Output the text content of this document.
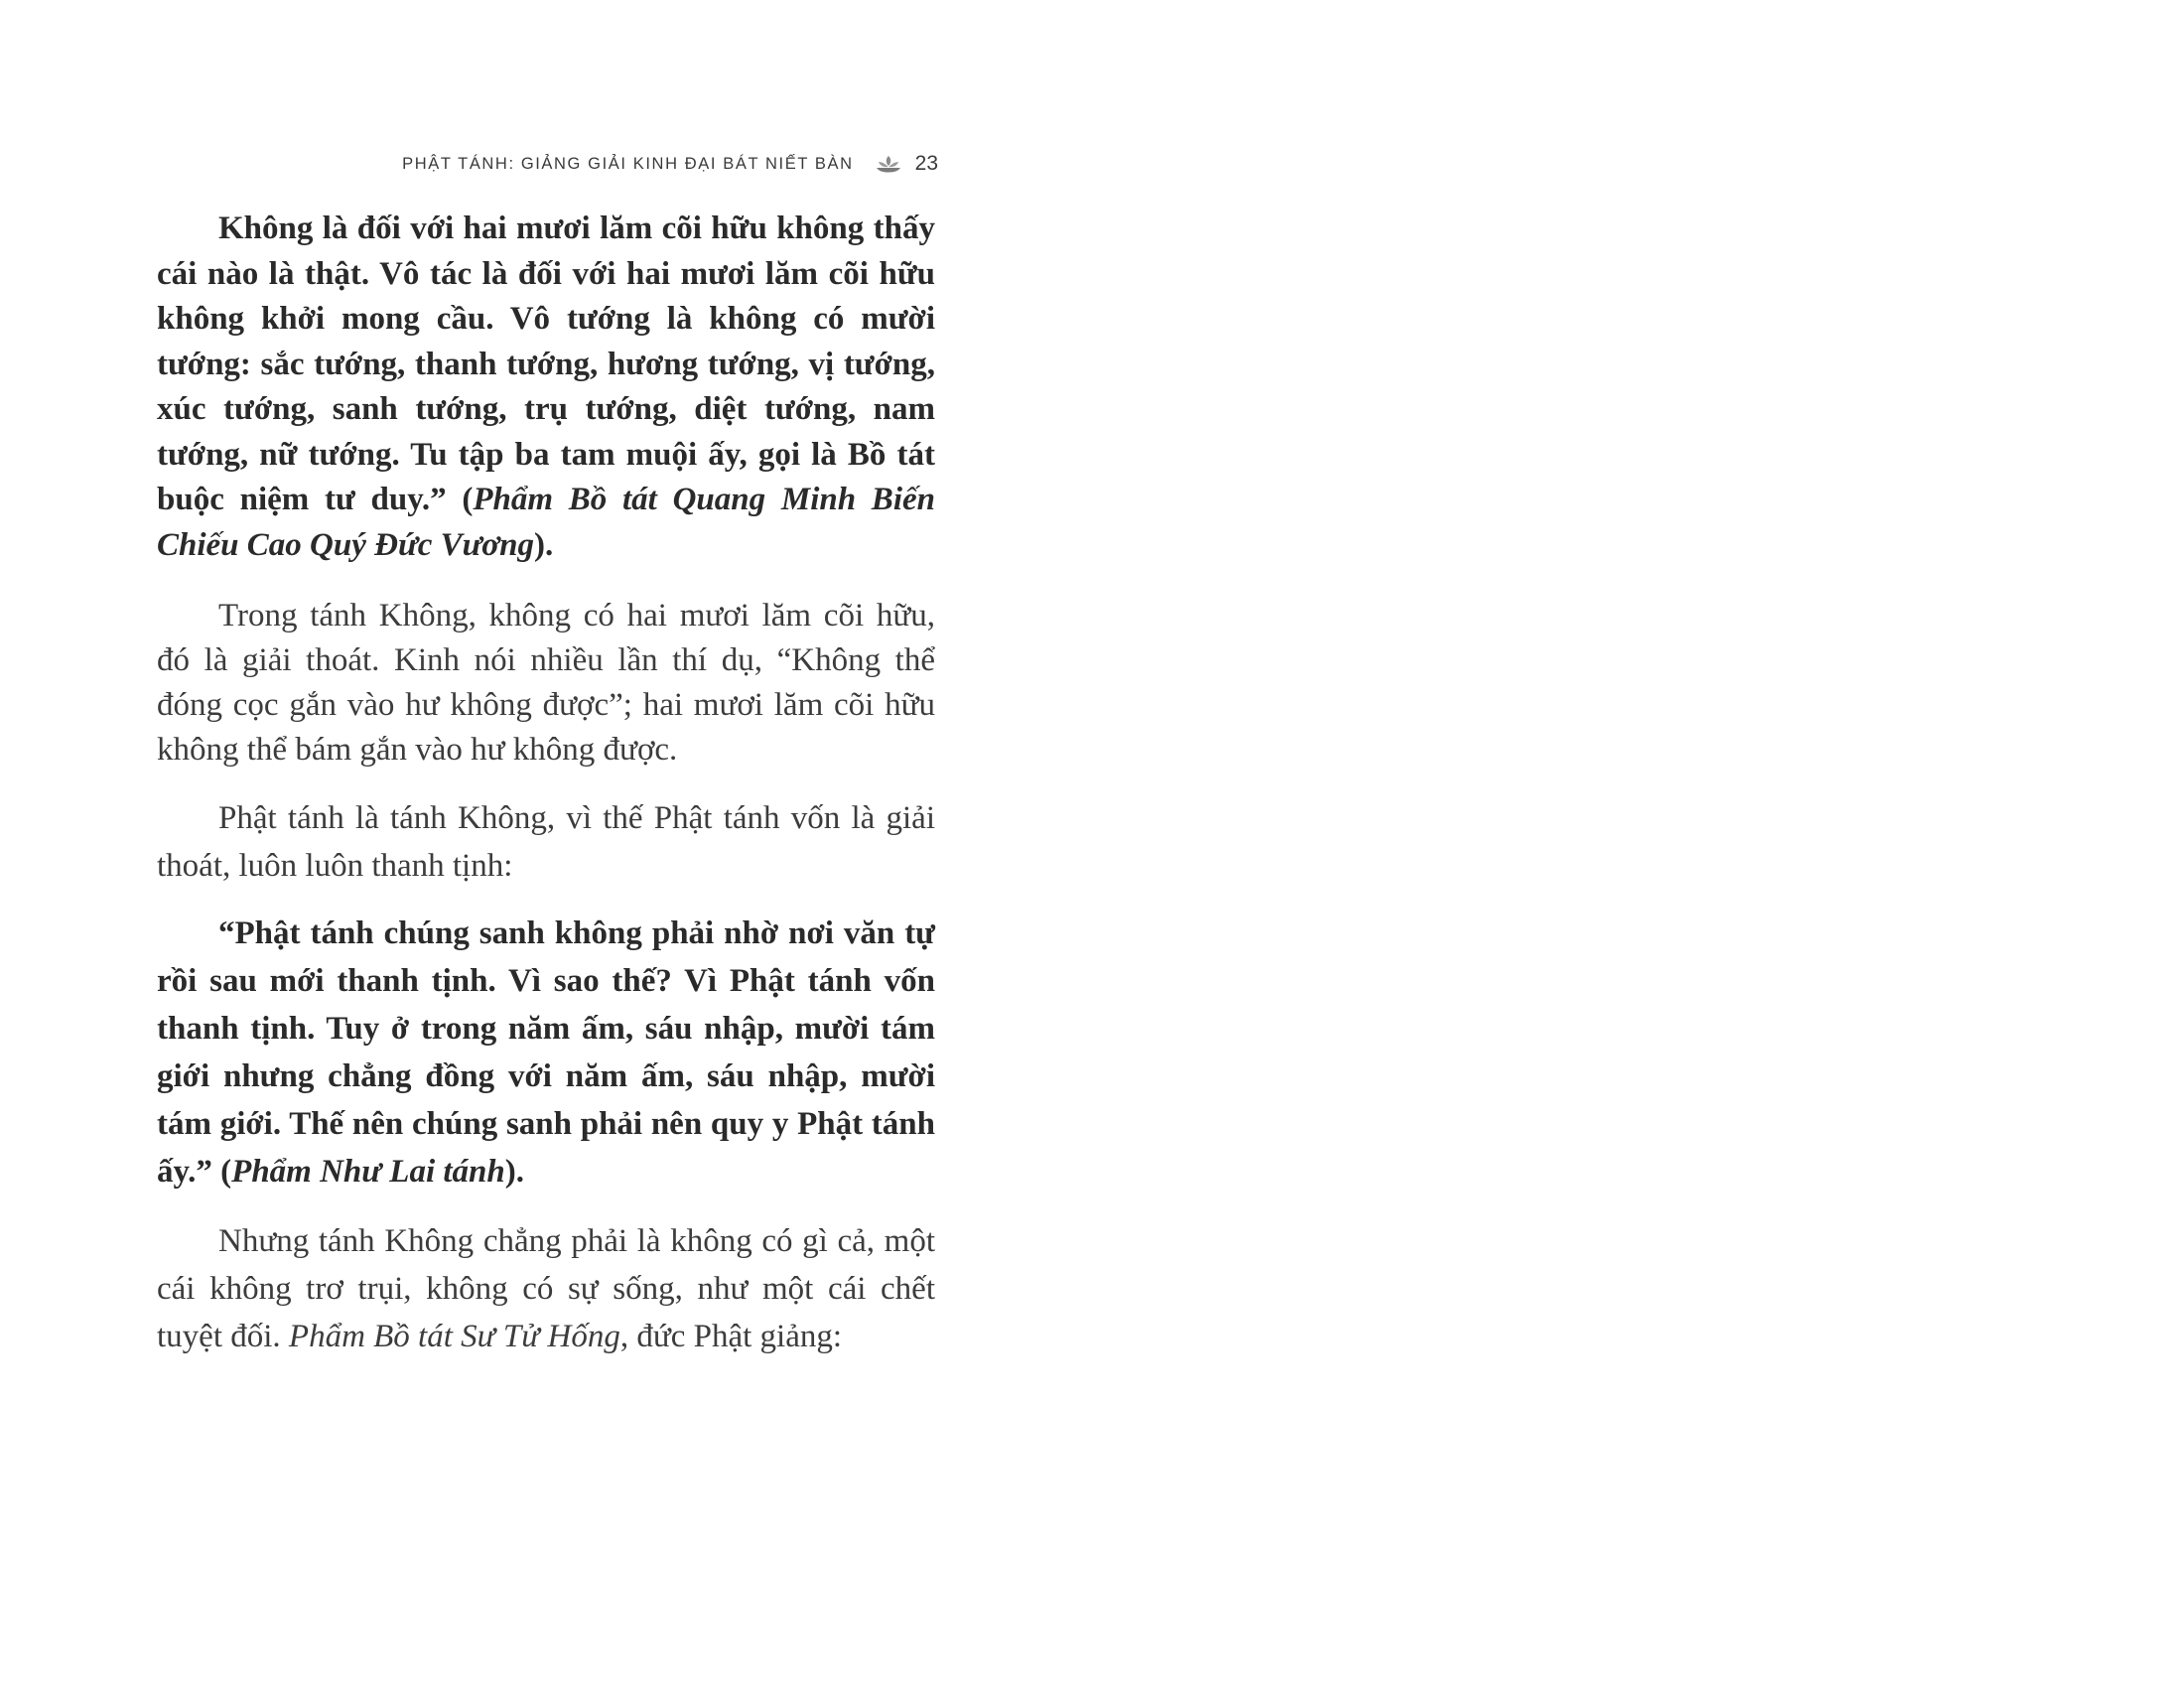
PHẬT TÁNH: GIẢNG GIẢI KINH ĐẠI BÁT NIẾT BÀN	23

Không là đối với hai mươi lăm cõi hữu không thấy cái nào là thật. Vô tác là đối với hai mươi lăm cõi hữu không khởi mong cầu. Vô tướng là không có mười tướng: sắc tướng, thanh tướng, hương tướng, vị tướng, xúc tướng, sanh tướng, trụ tướng, diệt tướng, nam tướng, nữ tướng. Tu tập ba tam muội ấy, gọi là Bồ tát buộc niệm tư duy.” (Phẩm Bồ tát Quang Minh Biến Chiếu Cao Quý Đức Vương).

Trong tánh Không, không có hai mươi lăm cõi hữu, đó là giải thoát. Kinh nói nhiều lần thí dụ, “Không thể đóng cọc gắn vào hư không được”; hai mươi lăm cõi hữu không thể bám gắn vào hư không được.

Phật tánh là tánh Không, vì thế Phật tánh vốn là giải thoát, luôn luôn thanh tịnh:

“Phật tánh chúng sanh không phải nhờ nơi văn tự rồi sau mới thanh tịnh. Vì sao thế? Vì Phật tánh vốn thanh tịnh. Tuy ở trong năm ấm, sáu nhập, mười tám giới nhưng chẳng đồng với năm ấm, sáu nhập, mười tám giới. Thế nên chúng sanh phải nên quy y Phật tánh ấy.” (Phẩm Như Lai tánh).

Nhưng tánh Không chẳng phải là không có gì cả, một cái không trơ trụi, không có sự sống, như một cái chết tuyệt đối. Phẩm Bồ tát Sư Tử Hống, đức Phật giảng:
